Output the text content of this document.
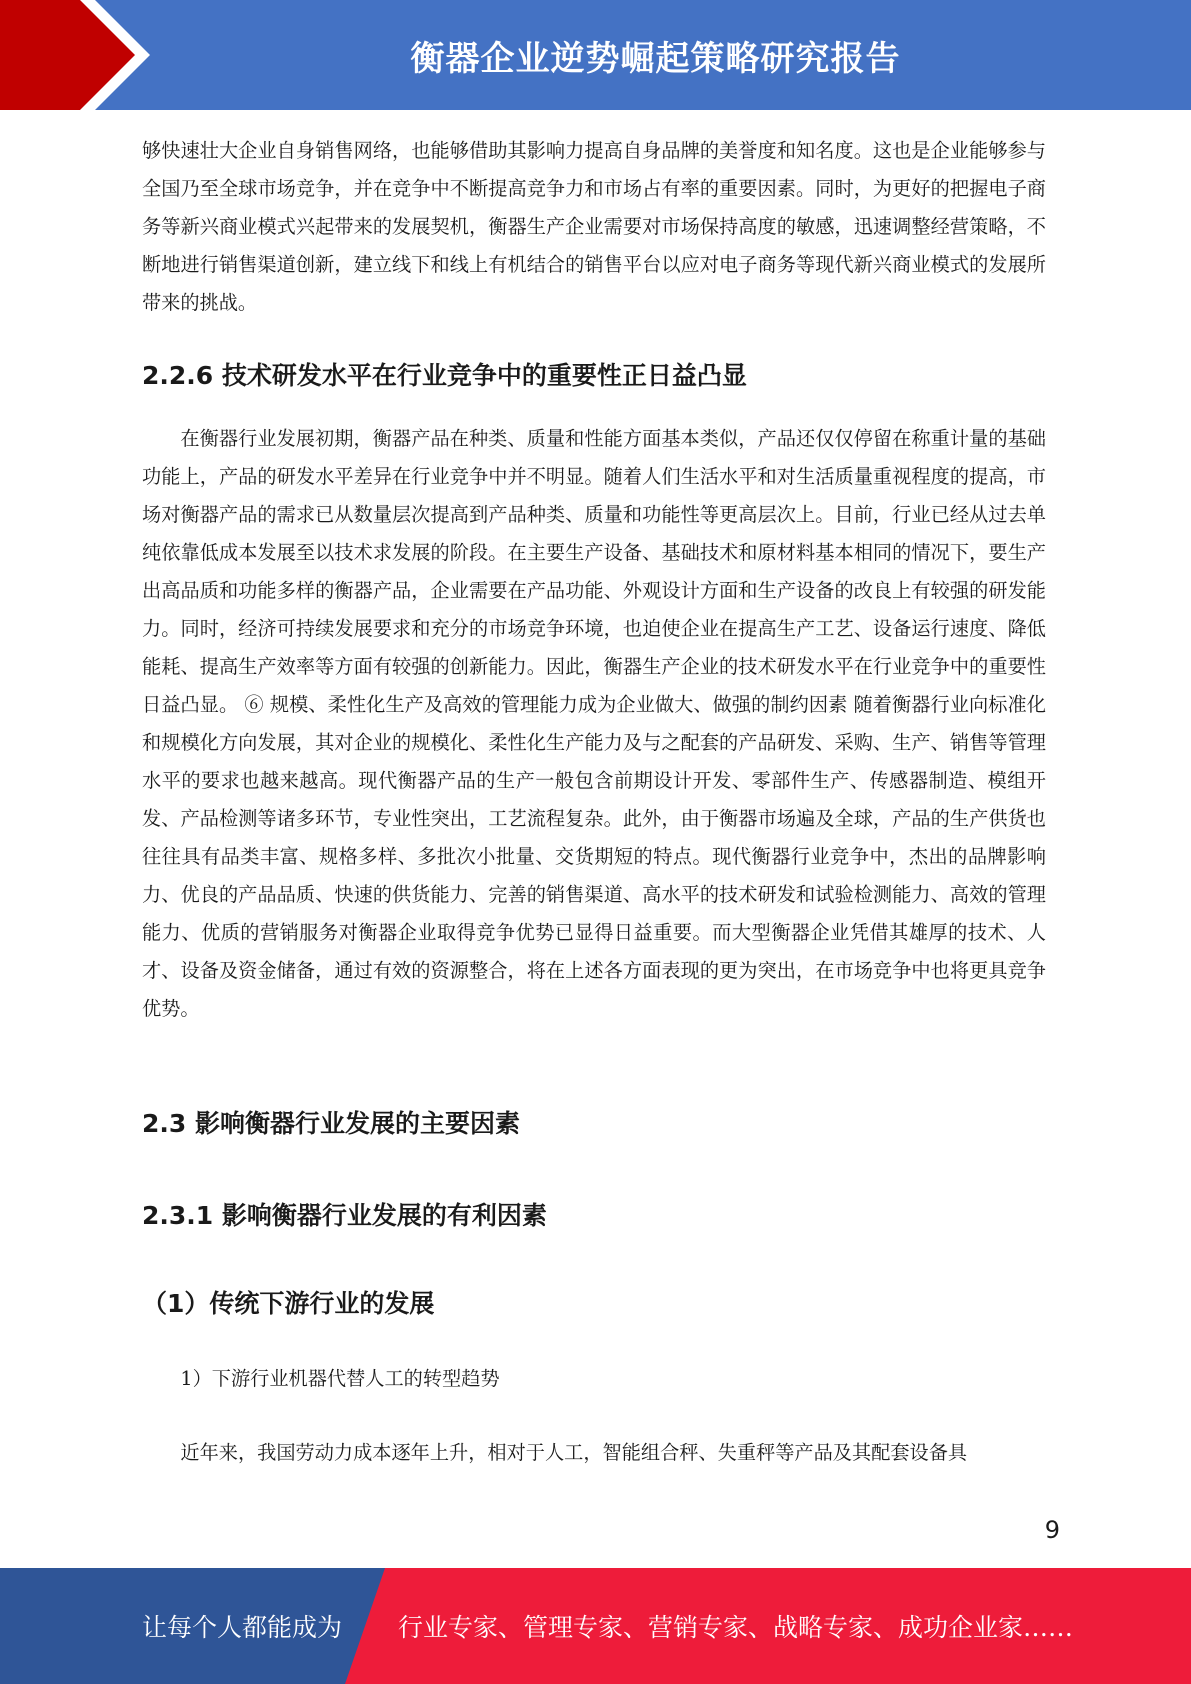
衡器企业逆势崛起策略研究报告

够快速壮大企业自身销售网络，也能够借助其影响力提高自身品牌的美誉度和知名度。这也是企业能够参与全国乃至全球市场竞争，并在竞争中不断提高竞争力和市场占有率的重要因素。同时，为更好的把握电子商务等新兴商业模式兴起带来的发展契机，衡器生产企业需要对市场保持高度的敏感，迅速调整经营策略，不断地进行销售渠道创新，建立线下和线上有机结合的销售平台以应对电子商务等现代新兴商业模式的发展所带来的挑战。

2.2.6 技术研发水平在行业竞争中的重要性正日益凸显

在衡器行业发展初期，衡器产品在种类、质量和性能方面基本类似，产品还仅仅停留在称重计量的基础功能上，产品的研发水平差异在行业竞争中并不明显。随着人们生活水平和对生活质量重视程度的提高，市场对衡器产品的需求已从数量层次提高到产品种类、质量和功能性等更高层次上。目前，行业已经从过去单纯依靠低成本发展至以技术求发展的阶段。在主要生产设备、基础技术和原材料基本相同的情况下，要生产出高品质和功能多样的衡器产品，企业需要在产品功能、外观设计方面和生产设备的改良上有较强的研发能力。同时，经济可持续发展要求和充分的市场竞争环境，也迫使企业在提高生产工艺、设备运行速度、降低能耗、提高生产效率等方面有较强的创新能力。因此，衡器生产企业的技术研发水平在行业竞争中的重要性日益凸显。 ⑥ 规模、柔性化生产及高效的管理能力成为企业做大、做强的制约因素 随着衡器行业向标准化和规模化方向发展，其对企业的规模化、柔性化生产能力及与之配套的产品研发、采购、生产、销售等管理水平的要求也越来越高。现代衡器产品的生产一般包含前期设计开发、零部件生产、传感器制造、模组开发、产品检测等诸多环节，专业性突出，工艺流程复杂。此外，由于衡器市场遍及全球，产品的生产供货也往往具有品类丰富、规格多样、多批次小批量、交货期短的特点。现代衡器行业竞争中，杰出的品牌影响力、优良的产品品质、快速的供货能力、完善的销售渠道、高水平的技术研发和试验检测能力、高效的管理能力、优质的营销服务对衡器企业取得竞争优势已显得日益重要。而大型衡器企业凭借其雄厚的技术、人才、设备及资金储备，通过有效的资源整合，将在上述各方面表现的更为突出，在市场竞争中也将更具竞争优势。

2.3 影响衡器行业发展的主要因素
2.3.1 影响衡器行业发展的有利因素
（1）传统下游行业的发展

1）下游行业机器代替人工的转型趋势

近年来，我国劳动力成本逐年上升，相对于人工，智能组合秤、失重秤等产品及其配套设备具

9
让每个人都能成为 行业专家、管理专家、营销专家、战略专家、成功企业家……
